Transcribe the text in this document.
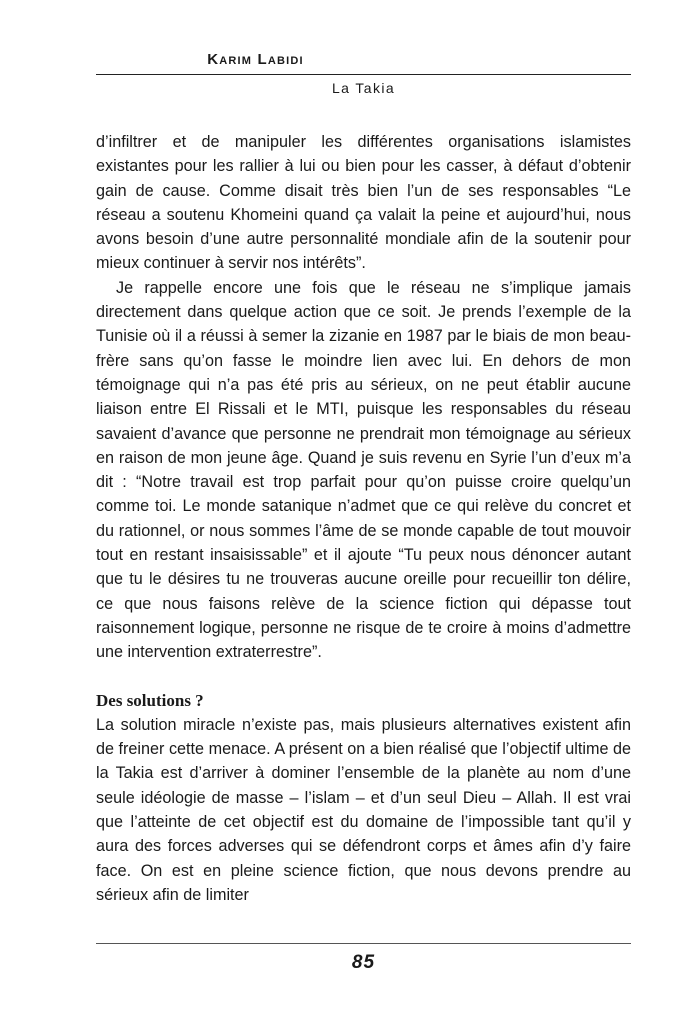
Karim Labidi
La Takia

d’infiltrer et de manipuler les différentes organisations islamistes existantes pour les rallier à lui ou bien pour les casser, à défaut d’obtenir gain de cause. Comme disait très bien l’un de ses responsables “Le réseau a soutenu Khomeini quand ça valait la peine et aujourd’hui, nous avons besoin d’une autre personnalité mondiale afin de la soutenir pour mieux continuer à servir nos intérêts”.

Je rappelle encore une fois que le réseau ne s’implique jamais directement dans quelque action que ce soit. Je prends l’exemple de la Tunisie où il a réussi à semer la zizanie en 1987 par le biais de mon beau-frère sans qu’on fasse le moindre lien avec lui. En dehors de mon témoignage qui n’a pas été pris au sérieux, on ne peut établir aucune liaison entre El Rissali et le MTI, puisque les responsables du réseau savaient d’avance que personne ne prendrait mon témoignage au sérieux en raison de mon jeune âge. Quand je suis revenu en Syrie l’un d’eux m’a dit : “Notre travail est trop parfait pour qu’on puisse croire quelqu’un comme toi. Le monde satanique n’admet que ce qui relève du concret et du rationnel, or nous sommes l’âme de se monde capable de tout mouvoir tout en restant insaisissable” et il ajoute “Tu peux nous dénoncer autant que tu le désires tu ne trouveras aucune oreille pour recueillir ton délire, ce que nous faisons relève de la science fiction qui dépasse tout raisonnement logique, personne ne risque de te croire à moins d’admettre une intervention extraterrestre”.

Des solutions ?

La solution miracle n’existe pas, mais plusieurs alternatives existent afin de freiner cette menace. A présent on a bien réalisé que l’objectif ultime de la Takia est d’arriver à dominer l’ensemble de la planète au nom d’une seule idéologie de masse – l’islam – et d’un seul Dieu – Allah. Il est vrai que l’atteinte de cet objectif est du domaine de l’impossible tant qu’il y aura des forces adverses qui se défendront corps et âmes afin d’y faire face. On est en pleine science fiction, que nous devons prendre au sérieux afin de limiter

85
